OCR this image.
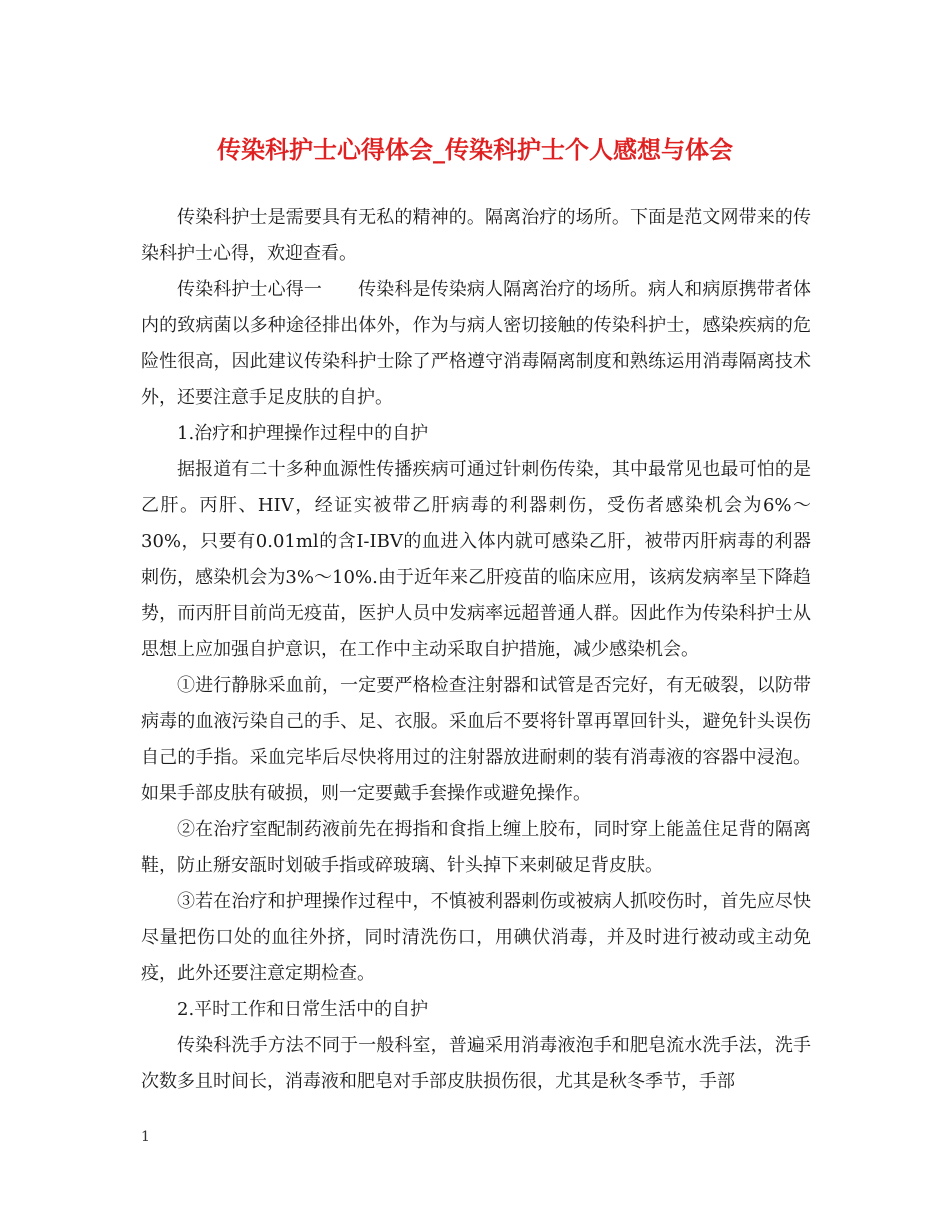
传染科护士心得体会_传染科护士个人感想与体会

传染科护士是需要具有无私的精神的。隔离治疗的场所。下面是范文网带来的传染科护士心得，欢迎查看。

传染科护士心得一　　传染科是传染病人隔离治疗的场所。病人和病原携带者体内的致病菌以多种途径排出体外，作为与病人密切接触的传染科护士，感染疾病的危险性很高，因此建议传染科护士除了严格遵守消毒隔离制度和熟练运用消毒隔离技术外，还要注意手足皮肤的自护。

1.治疗和护理操作过程中的自护

据报道有二十多种血源性传播疾病可通过针刺伤传染，其中最常见也最可怕的是乙肝。丙肝、HIV，经证实被带乙肝病毒的利器刺伤，受伤者感染机会为6%～30%，只要有0.01ml的含I-IBV的血进入体内就可感染乙肝，被带丙肝病毒的利器刺伤，感染机会为3%～10%.由于近年来乙肝疫苗的临床应用，该病发病率呈下降趋势，而丙肝目前尚无疫苗，医护人员中发病率远超普通人群。因此作为传染科护士从思想上应加强自护意识，在工作中主动采取自护措施，减少感染机会。

①进行静脉采血前，一定要严格检查注射器和试管是否完好，有无破裂，以防带病毒的血液污染自己的手、足、衣服。采血后不要将针罩再罩回针头，避免针头误伤自己的手指。采血完毕后尽快将用过的注射器放进耐刺的装有消毒液的容器中浸泡。如果手部皮肤有破损，则一定要戴手套操作或避免操作。

②在治疗室配制药液前先在拇指和食指上缠上胶布，同时穿上能盖住足背的隔离鞋，防止掰安瓿时划破手指或碎玻璃、针头掉下来刺破足背皮肤。

③若在治疗和护理操作过程中，不慎被利器刺伤或被病人抓咬伤时，首先应尽快尽量把伤口处的血往外挤，同时清洗伤口，用碘伏消毒，并及时进行被动或主动免疫，此外还要注意定期检查。

2.平时工作和日常生活中的自护

传染科洗手方法不同于一般科室，普遍采用消毒液泡手和肥皂流水洗手法，洗手次数多且时间长，消毒液和肥皂对手部皮肤损伤很，尤其是秋冬季节，手部

1
